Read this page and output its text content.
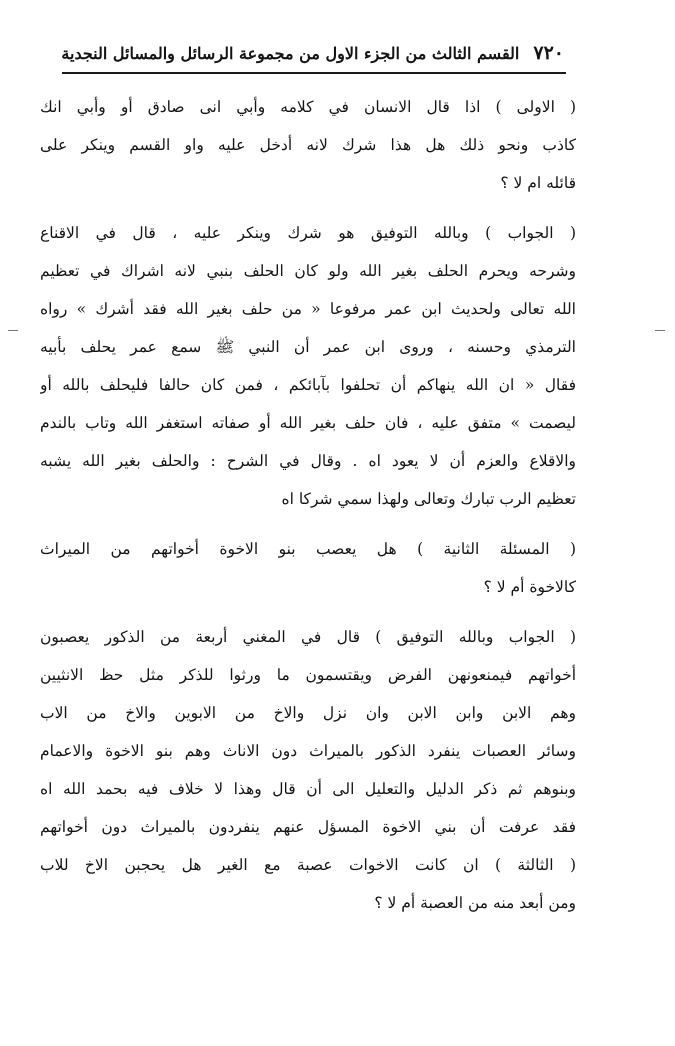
٧٢٠
القسم الثالث من الجزء الاول من مجموعة الرسائل والمسائل النجدية
( الاولى ) اذا قال الانسان في كلامه وأبي انى صادق أو وأبي انك
كاذب ونحو ذلك هل هذا شرك لانه أدخل عليه واو القسم وينكر على
قائله ام لا ؟
( الجواب ) وبالله التوفيق هو شرك وينكر عليه ، قال في الاقناع
وشرحه ويحرم الحلف بغير الله ولو كان الحلف بنبي لانه اشراك في تعظيم
الله تعالى ولحديث ابن عمر مرفوعا « من حلف بغير الله فقد أشرك » رواه
الترمذي وحسنه ، وروى ابن عمر أن النبي ﷺ سمع عمر يحلف بأبيه
فقال « ان الله ينهاكم أن تحلفوا بآبائكم ، فمن كان حالفا فليحلف بالله أو
ليصمت » متفق عليه ، فان حلف بغير الله أو صفاته استغفر الله وتاب بالندم
والاقلاع والعزم أن لا يعود اه . وقال في الشرح : والحلف بغير الله يشبه
تعظيم الرب تبارك وتعالى ولهذا سمي شركا اه
( المسئلة الثانية ) هل يعصب بنو الاخوة أخواتهم من الميراث
كالاخوة أم لا ؟
( الجواب وبالله التوفيق ) قال في المغني أربعة من الذكور يعصبون
أخواتهم فيمنعونهن الفرض ويقتسمون ما ورثوا للذكر مثل حظ الانثيين
وهم الابن وابن الابن وان نزل والاخ من الابوين والاخ من الاب
وسائر العصبات ينفرد الذكور بالميراث دون الاناث وهم بنو الاخوة والاعمام
وبنوهم ثم ذكر الدليل والتعليل الى أن قال وهذا لا خلاف فيه بحمد الله اه
فقد عرفت أن بني الاخوة المسؤل عنهم ينفردون بالميراث دون أخواتهم
( الثالثة ) ان كانت الاخوات عصبة مع الغير هل يحجبن الاخ للاب
ومن أبعد منه من العصبة أم لا ؟
